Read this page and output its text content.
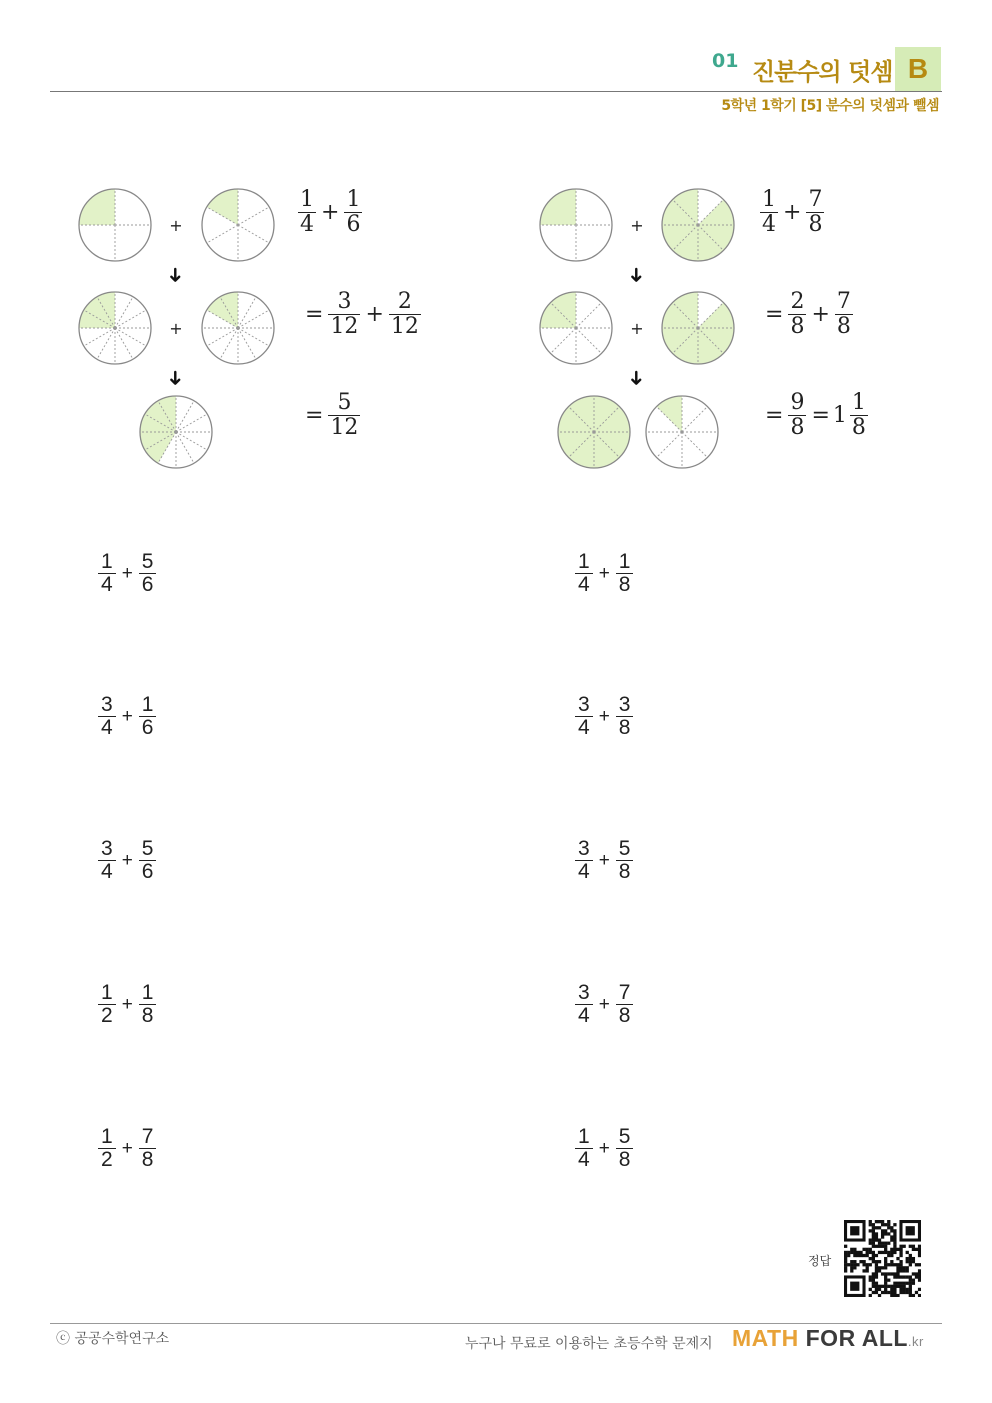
01 진분수의 덧셈 B
5학년 1학기 [5] 분수의 덧셈과 뺄셈
+
➜
+
➜
+
➜
+
➜
$\frac{1}{4} + \frac{1}{6}$
= $\frac{3}{12} + \frac{2}{12}$
= $\frac{5}{12}$
$\frac{1}{4} + \frac{7}{8}$
= $\frac{2}{8} + \frac{7}{8}$
= $\frac{9}{8} = 1 \frac{1}{8}$
$\frac{1}{4} + \frac{5}{6}$
$\frac{3}{4} + \frac{1}{6}$
$\frac{3}{4} + \frac{5}{6}$
$\frac{1}{2} + \frac{1}{8}$
$\frac{1}{2} + \frac{7}{8}$
$\frac{1}{4} + \frac{1}{8}$
$\frac{3}{4} + \frac{3}{8}$
$\frac{3}{4} + \frac{5}{8}$
$\frac{3}{4} + \frac{7}{8}$
$\frac{1}{4} + \frac{5}{8}$
정답
ⓒ 공공수학연구소	누구나 무료로 이용하는 초등수학 문제지 MATH FOR ALL.kr
